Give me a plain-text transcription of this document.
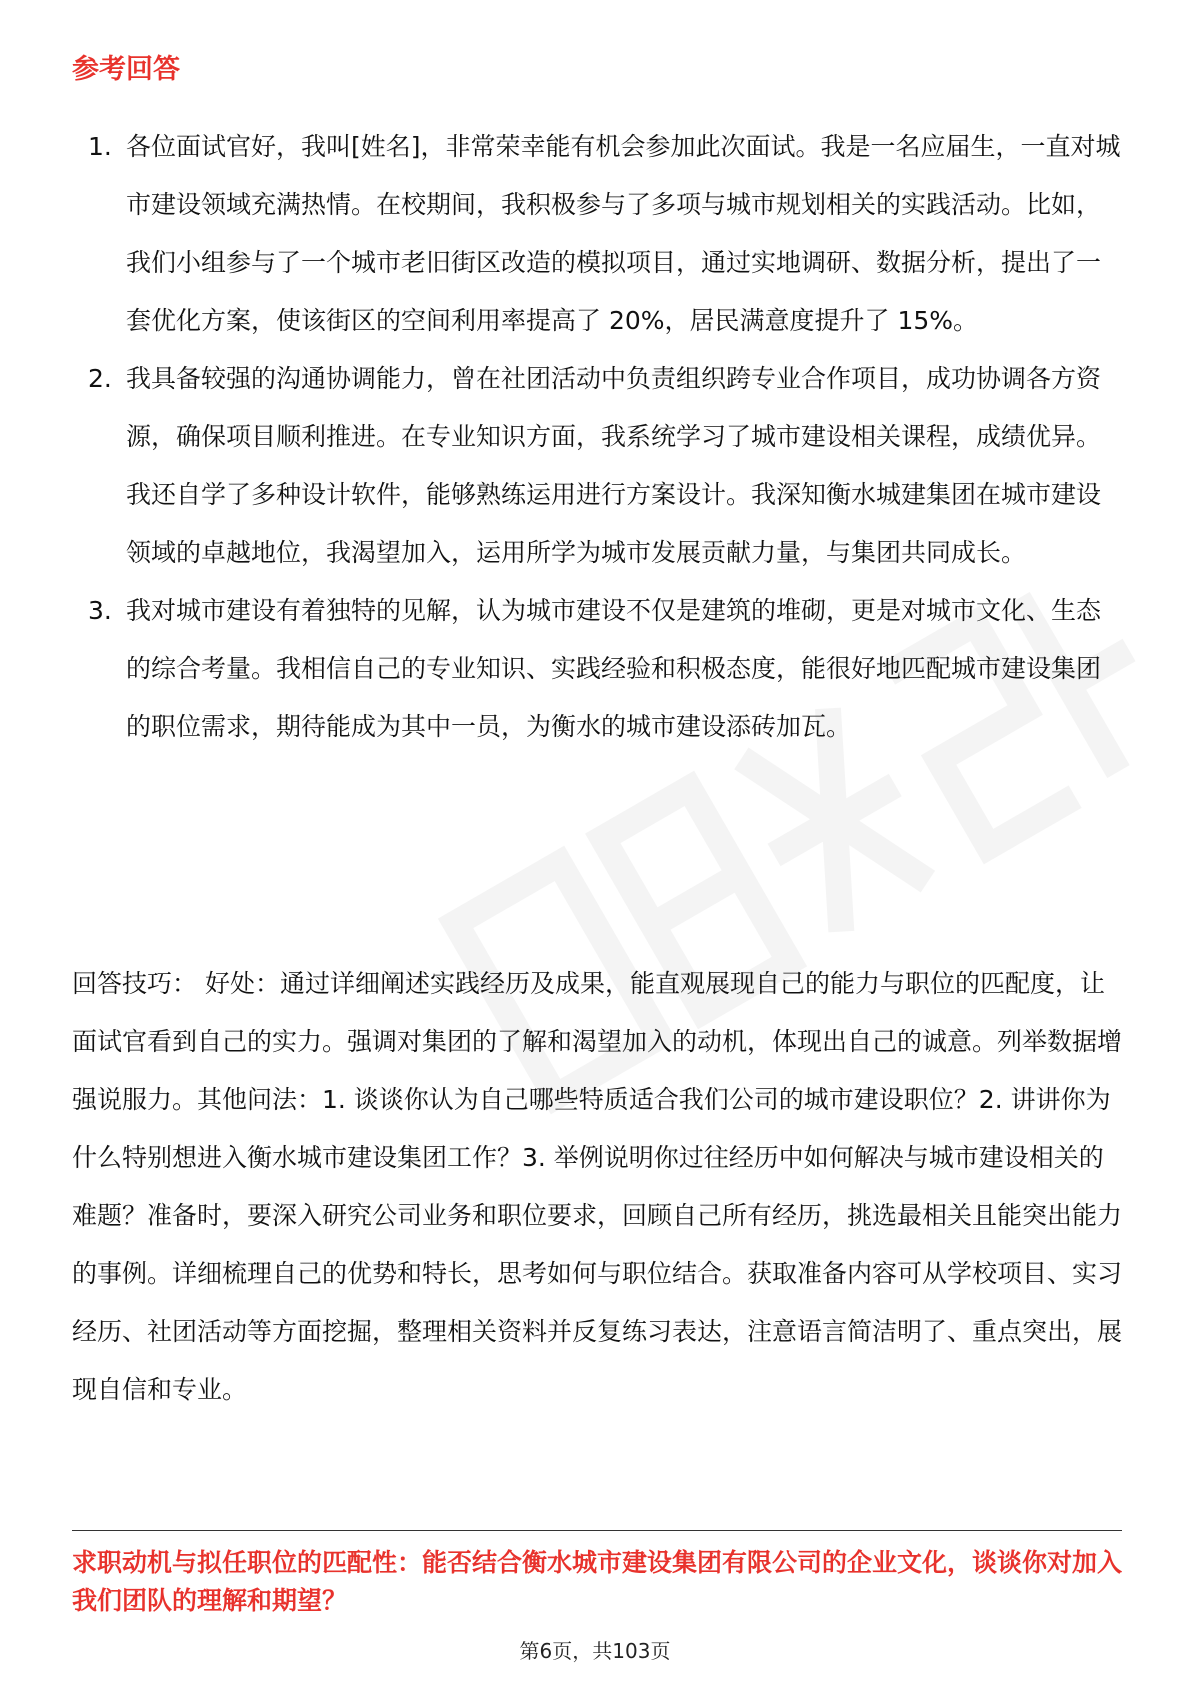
参考回答
1. 各位面试官好，我叫[姓名]，非常荣幸能有机会参加此次面试。我是一名应届生，一直对城市建设领域充满热情。在校期间，我积极参与了多项与城市规划相关的实践活动。比如，我们小组参与了一个城市老旧街区改造的模拟项目，通过实地调研、数据分析，提出了一套优化方案，使该街区的空间利用率提高了 20%，居民满意度提升了 15%。
2. 我具备较强的沟通协调能力，曾在社团活动中负责组织跨专业合作项目，成功协调各方资源，确保项目顺利推进。在专业知识方面，我系统学习了城市建设相关课程，成绩优异。我还自学了多种设计软件，能够熟练运用进行方案设计。我深知衡水城建集团在城市建设领域的卓越地位，我渴望加入，运用所学为城市发展贡献力量，与集团共同成长。
3. 我对城市建设有着独特的见解，认为城市建设不仅是建筑的堆砌，更是对城市文化、生态的综合考量。我相信自己的专业知识、实践经验和积极态度，能很好地匹配城市建设集团的职位需求，期待能成为其中一员，为衡水的城市建设添砖加瓦。

回答技巧： 好处：通过详细阐述实践经历及成果，能直观展现自己的能力与职位的匹配度，让面试官看到自己的实力。强调对集团的了解和渴望加入的动机，体现出自己的诚意。列举数据增强说服力。其他问法：1. 谈谈你认为自己哪些特质适合我们公司的城市建设职位？2. 讲讲你为什么特别想进入衡水城市建设集团工作？3. 举例说明你过往经历中如何解决与城市建设相关的难题？准备时，要深入研究公司业务和职位要求，回顾自己所有经历，挑选最相关且能突出能力的事例。详细梳理自己的优势和特长，思考如何与职位结合。获取准备内容可从学校项目、实习经历、社团活动等方面挖掘，整理相关资料并反复练习表达，注意语言简洁明了、重点突出，展现自信和专业。

求职动机与拟任职位的匹配性：能否结合衡水城市建设集团有限公司的企业文化，谈谈你对加入我们团队的理解和期望？

第6页，共103页
